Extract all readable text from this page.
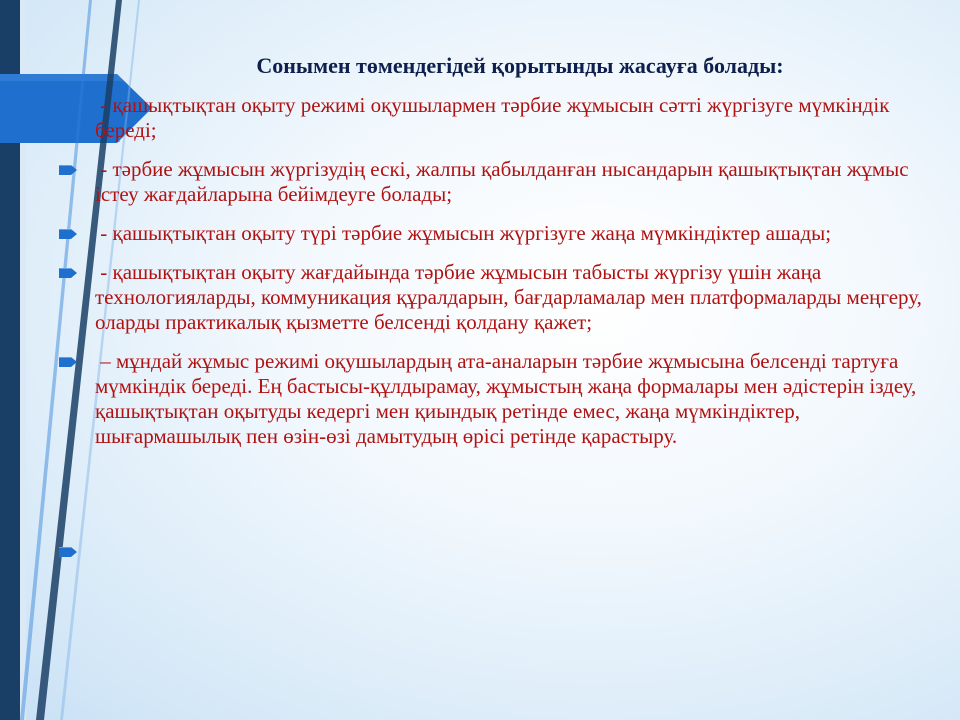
Сонымен төмендегідей қорытынды жасауға болады:
- қашықтықтан оқыту режимі оқушылармен тәрбие жұмысын сәтті жүргізуге мүмкіндік береді;
- тәрбие жұмысын жүргізудің ескі, жалпы қабылданған нысандарын қашықтықтан жұмыс істеу жағдайларына бейімдеуге болады;
- қашықтықтан оқыту түрі тәрбие жұмысын жүргізуге жаңа мүмкіндіктер ашады;
- қашықтықтан оқыту жағдайында тәрбие жұмысын табысты жүргізу үшін жаңа технологияларды, коммуникация құралдарын, бағдарламалар мен платформаларды меңгеру, оларды практикалық қызметте белсенді қолдану қажет;
– мұндай жұмыс режимі оқушылардың ата-аналарын тәрбие жұмысына белсенді тартуға мүмкіндік береді. Ең бастысы-құлдырамау, жұмыстың жаңа формалары мен әдістерін іздеу, қашықтықтан оқытуды кедергі мен қиындық ретінде емес, жаңа мүмкіндіктер, шығармашылық пен өзін-өзі дамытудың өрісі ретінде қарастыру.
